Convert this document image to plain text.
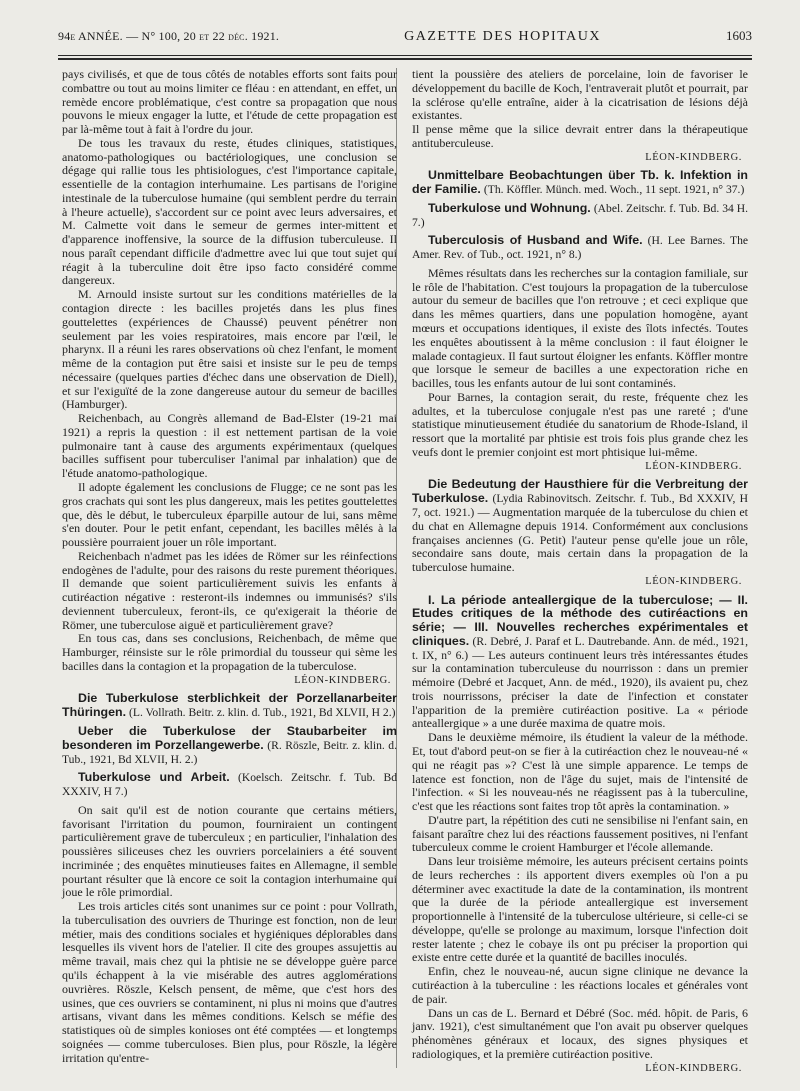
94e ANNÉE. — N° 100, 20 et 22 déc. 1921.	GAZETTE DES HOPITAUX	1603

pays civilisés, et que de tous côtés de notables efforts sont faits pour combattre ou tout au moins limiter ce fléau : en attendant, en effet, un remède encore problématique, c'est contre sa propagation que nous pouvons le mieux engager la lutte, et l'étude de cette propagation est par là-même tout à fait à l'ordre du jour.

De tous les travaux du reste, études cliniques, statistiques, anatomo-pathologiques ou bactériologiques, une conclusion se dégage qui rallie tous les phtisiologues, c'est l'importance capitale, essentielle de la contagion interhumaine. Les partisans de l'origine intestinale de la tuberculose humaine (qui semblent perdre du terrain à l'heure actuelle), s'accordent sur ce point avec leurs adversaires, et M. Calmette voit dans le semeur de germes inter-mittent et d'apparence inoffensive, la source de la diffusion tuberculeuse. Il nous paraît cependant difficile d'admettre avec lui que tout sujet qui réagit à la tuberculine doit être ipso facto considéré comme dangereux.

M. Arnould insiste surtout sur les conditions matérielles de la contagion directe : les bacilles projetés dans les plus fines gouttelettes (expériences de Chaussé) peuvent pénétrer non seulement par les voies respiratoires, mais encore par l'œil, le pharynx. Il a réuni les rares observations où chez l'enfant, le moment même de la contagion put être saisi et insiste sur le peu de temps nécessaire (quelques parties d'échec dans une observation de Diell), et sur l'exiguïté de la zone dangereuse autour du semeur de bacilles (Hamburger).

Reichenbach, au Congrès allemand de Bad-Elster (19-21 mai 1921) a repris la question : il est nettement partisan de la voie pulmonaire tant à cause des arguments expérimentaux (quelques bacilles suffisent pour tuberculiser l'animal par inhalation) que de l'étude anatomo-pathologique.

Il adopte également les conclusions de Flugge; ce ne sont pas les gros crachats qui sont les plus dangereux, mais les petites gouttelettes que, dès le début, le tuberculeux éparpille autour de lui, sans même s'en douter. Pour le petit enfant, cependant, les bacilles mêlés à la poussière pourraient jouer un rôle important.

Reichenbach n'admet pas les idées de Römer sur les réinfections endogènes de l'adulte, pour des raisons du reste purement théoriques. Il demande que soient particulièrement suivis les enfants à cutiréaction négative : resteront-ils indemnes ou immunisés? s'ils deviennent tuberculeux, feront-ils, ce qu'exigerait la théorie de Römer, une tuberculose aiguë et particulièrement grave?

En tous cas, dans ses conclusions, Reichenbach, de même que Hamburger, réinsiste sur le rôle primordial du tousseur qui sème les bacilles dans la contagion et la propagation de la tuberculose.

LÉON-KINDBERG.

Die Tuberkulose sterblichkeit der Porzellanarbeiter Thüringen. (L. Vollrath. Beitr. z. klin. d. Tub., 1921, Bd XLVII, H 2.)

Ueber die Tuberkulose der Staubarbeiter im besonderen im Porzellangewerbe. (R. Röszle, Beitr. z. klin. d. Tub., 1921, Bd XLVII, H. 2.)

Tuberkulose und Arbeit. (Koelsch. Zeitschr. f. Tub. Bd XXXIV, H 7.)

On sait qu'il est de notion courante que certains métiers, favorisant l'irritation du poumon, fourniraient un contingent particulièrement grave de tuberculeux ; en particulier, l'inhalation des poussières siliceuses chez les ouvriers porcelainiers a été souvent incriminée ; des enquêtes minutieuses faites en Allemagne, il semble pourtant résulter que là encore ce soit la contagion interhumaine qui joue le rôle primordial.

Les trois articles cités sont unanimes sur ce point : pour Vollrath, la tuberculisation des ouvriers de Thuringe est fonction, non de leur métier, mais des conditions sociales et hygiéniques déplorables dans lesquelles ils vivent hors de l'atelier. Il cite des groupes assujettis au même travail, mais chez qui la phtisie ne se développe guère parce qu'ils échappent à la vie misérable des autres agglomérations ouvrières. Röszle, Kelsch pensent, de même, que c'est hors des usines, que ces ouvriers se contaminent, ni plus ni moins que d'autres artisans, vivant dans les mêmes conditions. Kelsch se méfie des statistiques où de simples konioses ont été comptées — et longtemps soignées — comme tuberculoses. Bien plus, pour Röszle, la légère irritation qu'entre-

tient la poussière des ateliers de porcelaine, loin de favoriser le développement du bacille de Koch, l'entraverait plutôt et pourrait, par la sclérose qu'elle entraîne, aider à la cicatrisation de lésions déjà existantes.

Il pense même que la silice devrait entrer dans la thérapeutique antituberculeuse.

LÉON-KINDBERG.

Unmittelbare Beobachtungen über Tb. k. Infektion in der Familie. (Th. Köffler. Münch. med. Woch., 11 sept. 1921, n° 37.)

Tuberkulose und Wohnung. (Abel. Zeitschr. f. Tub. Bd. 34 H. 7.)

Tuberculosis of Husband and Wife. (H. Lee Barnes. The Amer. Rev. of Tub., oct. 1921, n° 8.)

Mêmes résultats dans les recherches sur la contagion familiale, sur le rôle de l'habitation. C'est toujours la propagation de la tuberculose autour du semeur de bacilles que l'on retrouve ; et ceci explique que dans les mêmes quartiers, dans une population homogène, ayant mœurs et occupations identiques, il existe des îlots infectés. Toutes les enquêtes aboutissent à la même conclusion : il faut éloigner le malade contagieux. Il faut surtout éloigner les enfants. Köffler montre que lorsque le semeur de bacilles a une expectoration riche en bacilles, tous les enfants autour de lui sont contaminés.

Pour Barnes, la contagion serait, du reste, fréquente chez les adultes, et la tuberculose conjugale n'est pas une rareté ; d'une statistique minutieusement étudiée du sanatorium de Rhode-Island, il ressort que la mortalité par phtisie est trois fois plus grande chez les veufs dont le premier conjoint est mort phtisique lui-même.

LÉON-KINDBERG.

Die Bedeutung der Hausthiere für die Verbreitung der Tuberkulose. (Lydia Rabinovitsch. Zeitschr. f. Tub., Bd XXXIV, H 7, oct. 1921.) — Augmentation marquée de la tuberculose du chien et du chat en Allemagne depuis 1914. Conformément aux conclusions françaises anciennes (G. Petit) l'auteur pense qu'elle joue un rôle, secondaire sans doute, mais certain dans la propagation de la tuberculose humaine.

LÉON-KINDBERG.

I. La période anteallergique de la tuberculose; — II. Etudes critiques de la méthode des cutiréactions en série; — III. Nouvelles recherches expérimentales et cliniques. (R. Debré, J. Paraf et L. Dautrebande. Ann. de méd., 1921, t. IX, n° 6.) — Les auteurs continuent leurs très intéressantes études sur la contamination tuberculeuse du nourrisson : dans un premier mémoire (Debré et Jacquet, Ann. de méd., 1920), ils avaient pu, chez trois nourrissons, préciser la date de l'infection et constater l'apparition de la première cutiréaction positive. La « période anteallergique » a une durée maxima de quatre mois.

Dans le deuxième mémoire, ils étudient la valeur de la méthode. Et, tout d'abord peut-on se fier à la cutiréaction chez le nouveau-né « qui ne réagit pas »? C'est là une simple apparence. Le temps de latence est fonction, non de l'âge du sujet, mais de l'intensité de l'infection. « Si les nouveau-nés ne réagissent pas à la tuberculine, c'est que les réactions sont faites trop tôt après la contamination. »

D'autre part, la répétition des cuti ne sensibilise ni l'enfant sain, en faisant paraître chez lui des réactions faussement positives, ni l'enfant tuberculeux comme le croient Hamburger et l'école allemande.

Dans leur troisième mémoire, les auteurs précisent certains points de leurs recherches : ils apportent divers exemples où l'on a pu déterminer avec exactitude la date de la contamination, ils montrent que la durée de la période anteallergique est inversement proportionnelle à l'intensité de la tuberculose ultérieure, si celle-ci se développe, qu'elle se prolonge au maximum, lorsque l'infection doit rester latente ; chez le cobaye ils ont pu préciser la proportion qui existe entre cette durée et la quantité de bacilles inoculés.

Enfin, chez le nouveau-né, aucun signe clinique ne devance la cutiréaction à la tuberculine : les réactions locales et générales vont de pair.

Dans un cas de L. Bernard et Débré (Soc. méd. hôpit. de Paris, 6 janv. 1921), c'est simultanément que l'on avait pu observer quelques phénomènes généraux et locaux, des signes physiques et radiologiques, et la première cutiréaction positive.

LÉON-KINDBERG.
